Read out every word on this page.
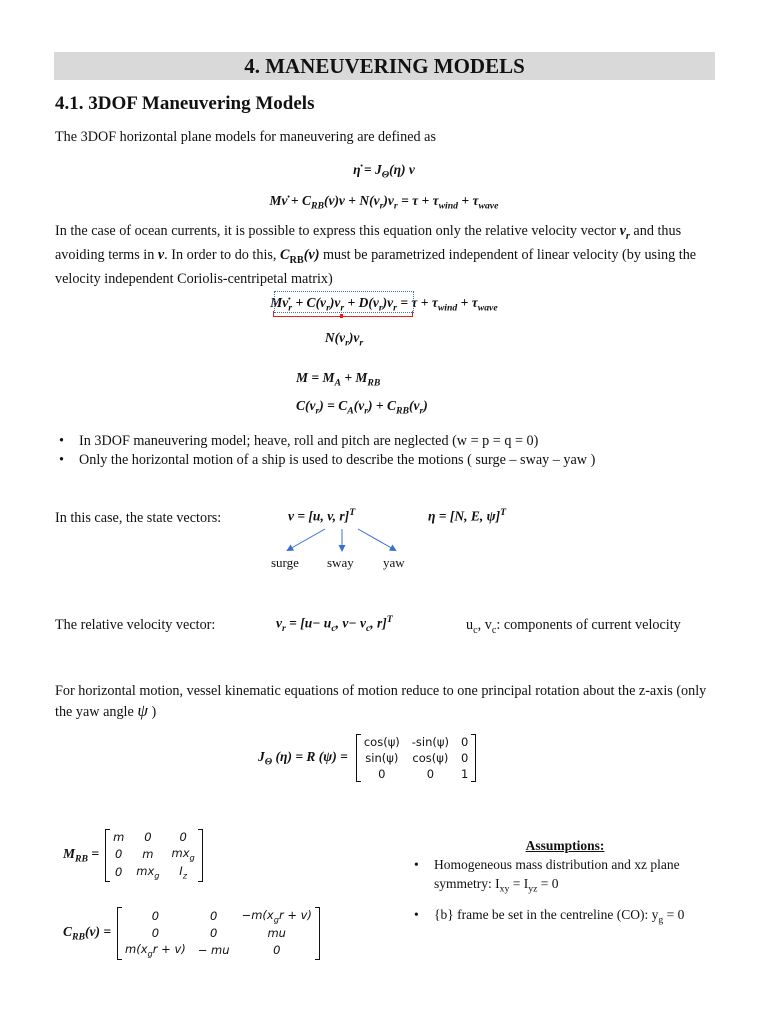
4. MANEUVERING MODELS
4.1. 3DOF Maneuvering Models
The 3DOF horizontal plane models for maneuvering are defined as
η̇ = $J_\Theta(\eta)$ ν
Mν̇ + $C_{RB}(\nu)\nu + N(\nu_r)\nu_r = \tau + \tau_{wind} + \tau_{wave}$
In the case of ocean currents, it is possible to express this equation only the relative velocity vector $\nu_r$ and thus avoiding terms in ν. In order to do this, $C_{RB}(\nu)$ must be parametrized independent of linear velocity (by using the velocity independent Coriolis-centripetal matrix)
$M\nu̇_r + C(\nu_r)\nu_r + D(\nu_r)\nu_r = \tau + \tau_{wind} + \tau_{wave}$
$N(\nu_r)\nu_r$
$M = M_A + M_{RB}$
$C(\nu_r) = C_A(\nu_r) + C_{RB}(\nu_r)$
• In 3DOF maneuvering model; heave, roll and pitch are neglected (w = p = q = 0)
• Only the horizontal motion of a ship is used to describe the motions ( surge – sway – yaw )
In this case, the state vectors:	ν = [u, v, r]$^T$	η = [N, E, ψ]$^T$
surge sway yaw
The relative velocity vector:	$\nu_r = [u- u_c$, $v- v_c$, r]$^T$	$u_c$, $v_c$: components of current velocity
For horizontal motion, vessel kinematic equations of motion reduce to one principal rotation about the z-axis (only the yaw angle ψ )
$J_\Theta$ (η) = R (ψ) =
cos(ψ)	-sin(ψ)	0
sin(ψ)	cos(ψ)	0
0	0	1
$M_{RB}$ =
m	0	0
0	m	$mx_g$
0	$mx_g$	$I_z$
$C_{RB}(\nu)$ =
0	0	$-m(x_gr + v)$
0	0	mu
$m(x_gr + v)$	− mu	0
Assumptions:
• Homogeneous mass distribution and xz plane symmetry: $I_{xy} = I_{yz} = 0$
• {b} frame be set in the centreline (CO): $y_g = 0$
